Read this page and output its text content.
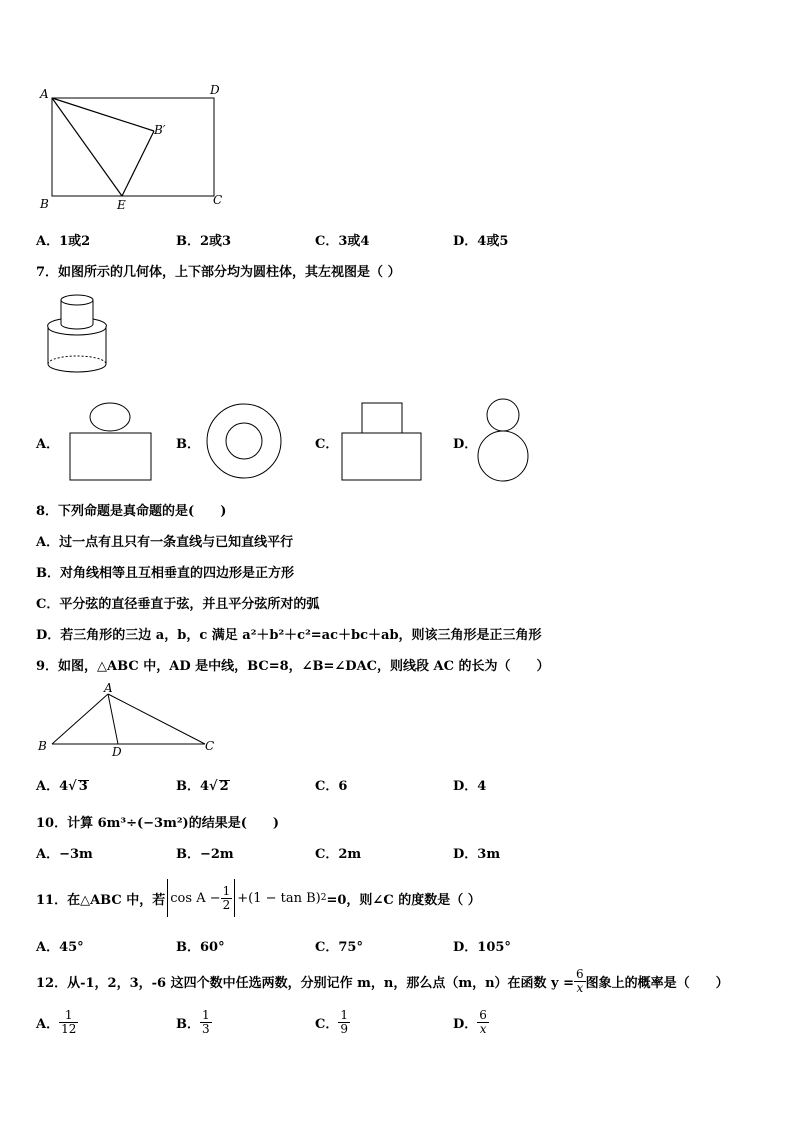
A	D
B′
B	E	C
A．1或2	B．2或3	C．3或4	D．4或5
7．如图所示的几何体，上下部分均为圆柱体，其左视图是（ ）
A．	B．	C．	D．
8．下列命题是真命题的是(　　)
A．过一点有且只有一条直线与已知直线平行
B．对角线相等且互相垂直的四边形是正方形
C．平分弦的直径垂直于弦，并且平分弦所对的弧
D．若三角形的三边 a，b，c 满足 a²＋b²＋c²=ac＋bc＋ab，则该三角形是正三角形
9．如图，△ABC 中，AD 是中线，BC=8，∠B=∠DAC，则线段 AC 的长为（　　）
A
B	D	C
A．4√ 3	B．4√ 2	C．6	D．4
10．计算 6m³÷(−3m²)的结果是(　　)
A．−3m	B．−2m	C．2m	D．3m
11．在△ABC 中，若 $\cos A - \frac{1}{2} +(1 - \tan B)$ 2 =0，则∠C 的度数是（ ）
A．45°	B．60°	C．75°	D．105°
12．从-1，2，3，-6 这四个数中任选两数，分别记作 m，n，那么点（m，n）在函数 $y = \frac{6}{x}$ 图象上的概率是（　　）
A． $\frac{1}{12}$	B． $\frac{1}{3}$	C． $\frac{1}{9}$	D． $\frac{6}{x}$
